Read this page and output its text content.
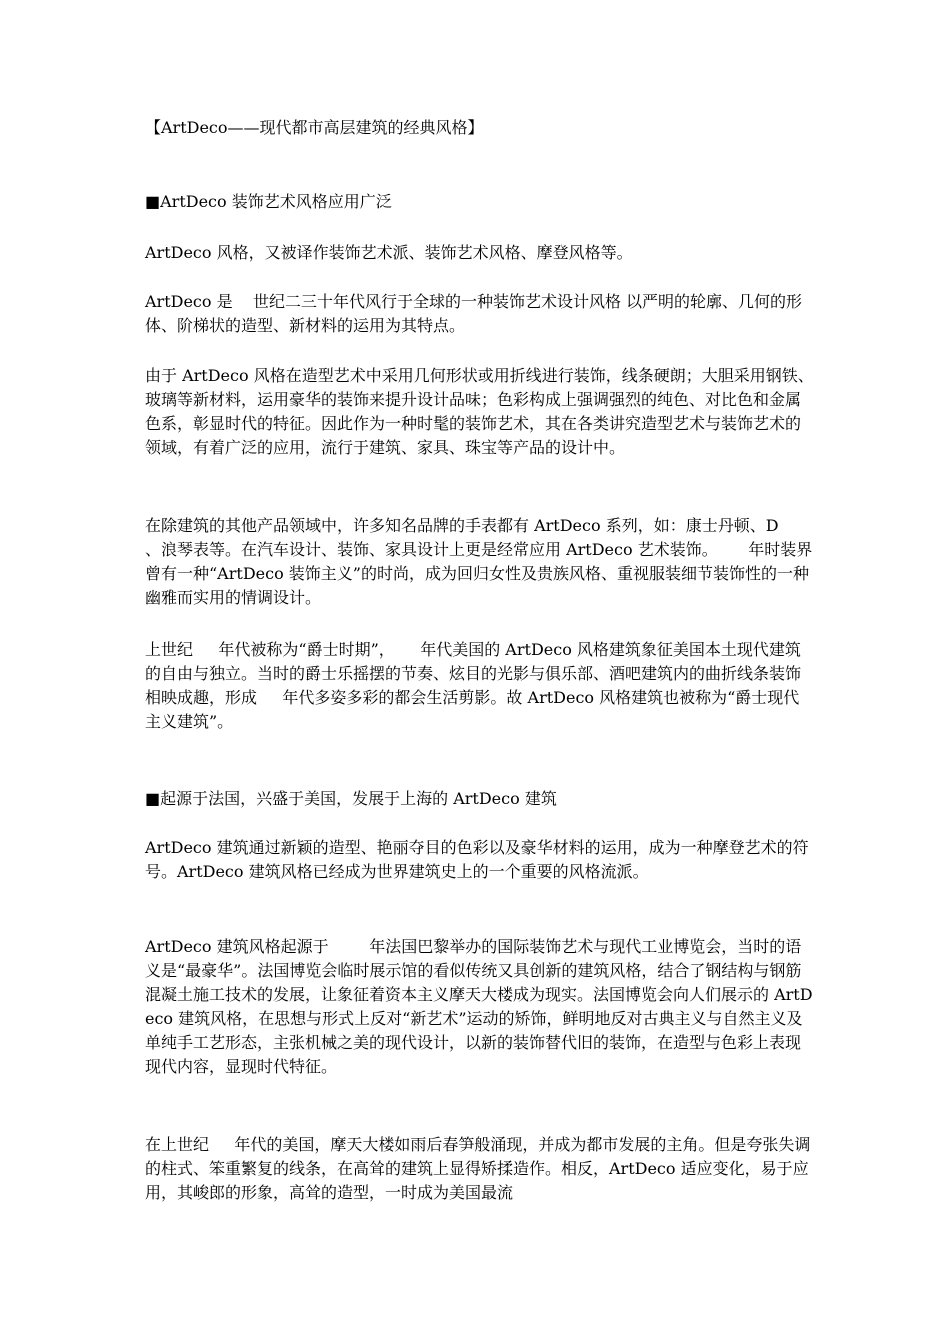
【ArtDeco——现代都市高层建筑的经典风格】

■ArtDeco 装饰艺术风格应用广泛

ArtDeco 风格，又被译作装饰艺术派、装饰艺术风格、摩登风格等。

ArtDeco 是    世纪二三十年代风行于全球的一种装饰艺术设计风格 以严明的轮廓、几何的形体、阶梯状的造型、新材料的运用为其特点。

由于 ArtDeco 风格在造型艺术中采用几何形状或用折线进行装饰，线条硬朗；大胆采用钢铁、玻璃等新材料，运用豪华的装饰来提升设计品味；色彩构成上强调强烈的纯色、对比色和金属色系，彰显时代的特征。因此作为一种时髦的装饰艺术，其在各类讲究造型艺术与装饰艺术的领域，有着广泛的应用，流行于建筑、家具、珠宝等产品的设计中。

在除建筑的其他产品领域中，许多知名品牌的手表都有 ArtDeco 系列，如：康士丹顿、D     、浪琴表等。在汽车设计、装饰、家具设计上更是经常应用 ArtDeco 艺术装饰。      年时装界曾有一种“ArtDeco 装饰主义”的时尚，成为回归女性及贵族风格、重视服装细节装饰性的一种幽雅而实用的情调设计。

上世纪     年代被称为“爵士时期”，     年代美国的 ArtDeco 风格建筑象征美国本土现代建筑的自由与独立。当时的爵士乐摇摆的节奏、炫目的光影与俱乐部、酒吧建筑内的曲折线条装饰相映成趣，形成     年代多姿多彩的都会生活剪影。故 ArtDeco 风格建筑也被称为“爵士现代主义建筑”。

■起源于法国，兴盛于美国，发展于上海的 ArtDeco 建筑

ArtDeco 建筑通过新颖的造型、艳丽夺目的色彩以及豪华材料的运用，成为一种摩登艺术的符号。ArtDeco 建筑风格已经成为世界建筑史上的一个重要的风格流派。

ArtDeco 建筑风格起源于        年法国巴黎举办的国际装饰艺术与现代工业博览会，当时的语义是“最豪华”。法国博览会临时展示馆的看似传统又具创新的建筑风格，结合了钢结构与钢筋混凝土施工技术的发展，让象征着资本主义摩天大楼成为现实。法国博览会向人们展示的 ArtDeco 建筑风格，在思想与形式上反对“新艺术”运动的矫饰，鲜明地反对古典主义与自然主义及单纯手工艺形态，主张机械之美的现代设计，以新的装饰替代旧的装饰，在造型与色彩上表现现代内容，显现时代特征。

在上世纪     年代的美国，摩天大楼如雨后春笋般涌现，并成为都市发展的主角。但是夸张失调的柱式、笨重繁复的线条，在高耸的建筑上显得矫揉造作。相反，ArtDeco 适应变化，易于应用，其峻郎的形象，高耸的造型，一时成为美国最流
